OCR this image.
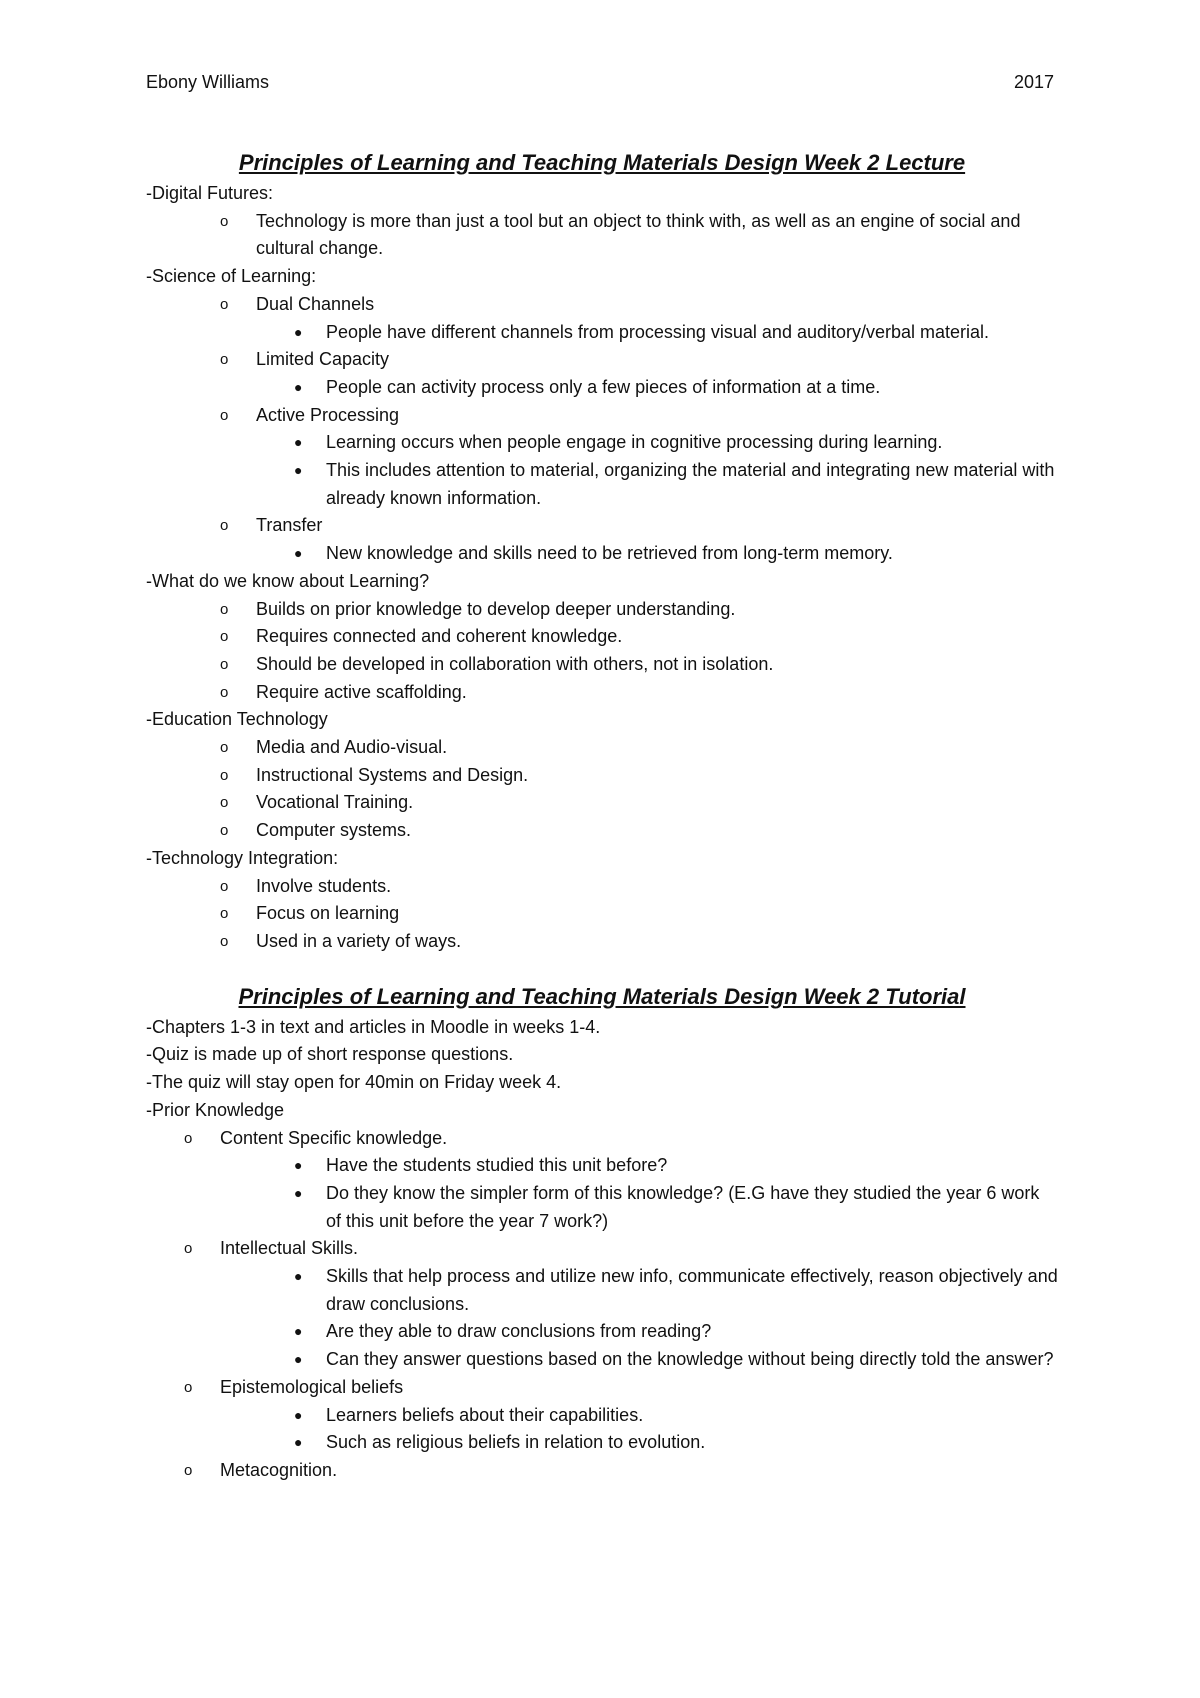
Ebony Williams	2017
Principles of Learning and Teaching Materials Design Week 2 Lecture
-Digital Futures:
o Technology is more than just a tool but an object to think with, as well as an engine of social and cultural change.
-Science of Learning:
o Dual Channels
● People have different channels from processing visual and auditory/verbal material.
o Limited Capacity
● People can activity process only a few pieces of information at a time.
o Active Processing
● Learning occurs when people engage in cognitive processing during learning.
● This includes attention to material, organizing the material and integrating new material with already known information.
o Transfer
● New knowledge and skills need to be retrieved from long-term memory.
-What do we know about Learning?
o Builds on prior knowledge to develop deeper understanding.
o Requires connected and coherent knowledge.
o Should be developed in collaboration with others, not in isolation.
o Require active scaffolding.
-Education Technology
o Media and Audio-visual.
o Instructional Systems and Design.
o Vocational Training.
o Computer systems.
-Technology Integration:
o Involve students.
o Focus on learning
o Used in a variety of ways.
Principles of Learning and Teaching Materials Design Week 2 Tutorial
-Chapters 1-3 in text and articles in Moodle in weeks 1-4.
-Quiz is made up of short response questions.
-The quiz will stay open for 40min on Friday week 4.
-Prior Knowledge
o Content Specific knowledge.
● Have the students studied this unit before?
● Do they know the simpler form of this knowledge? (E.G have they studied the year 6 work of this unit before the year 7 work?)
o Intellectual Skills.
● Skills that help process and utilize new info, communicate effectively, reason objectively and draw conclusions.
● Are they able to draw conclusions from reading?
● Can they answer questions based on the knowledge without being directly told the answer?
o Epistemological beliefs
● Learners beliefs about their capabilities.
● Such as religious beliefs in relation to evolution.
o Metacognition.
